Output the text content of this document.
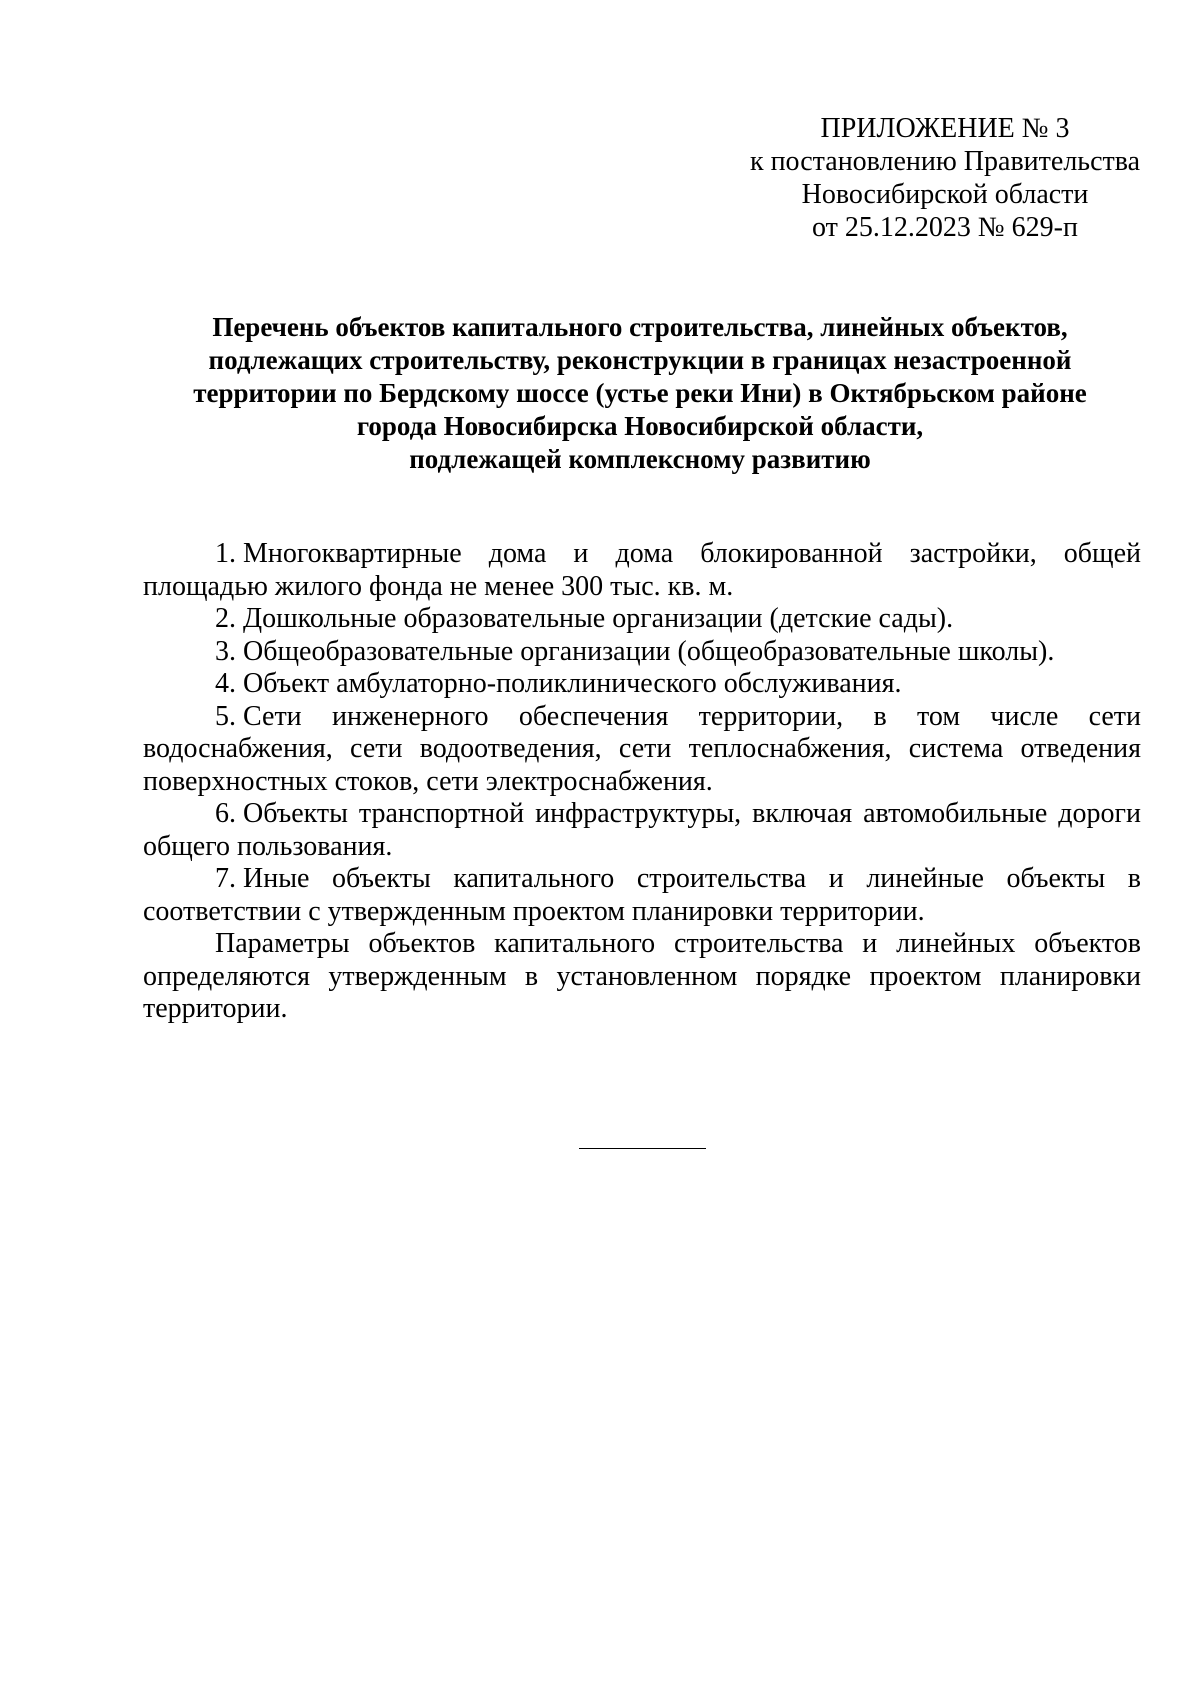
ПРИЛОЖЕНИЕ № 3
к постановлению Правительства
Новосибирской области
от 25.12.2023 № 629-п
Перечень объектов капитального строительства, линейных объектов,
подлежащих строительству, реконструкции в границах незастроенной
территории по Бердскому шоссе (устье реки Ини) в Октябрьском районе
города Новосибирска Новосибирской области,
подлежащей комплексному развитию

1. Многоквартирные дома и дома блокированной застройки, общей площадью жилого фонда не менее 300 тыс. кв. м.

2. Дошкольные образовательные организации (детские сады).

3. Общеобразовательные организации (общеобразовательные школы).

4. Объект амбулаторно-поликлинического обслуживания.

5. Сети инженерного обеспечения территории, в том числе сети водоснабжения, сети водоотведения, сети теплоснабжения, система отведения поверхностных стоков, сети электроснабжения.

6. Объекты транспортной инфраструктуры, включая автомобильные дороги общего пользования.

7. Иные объекты капитального строительства и линейные объекты в соответствии с утвержденным проектом планировки территории.

Параметры объектов капитального строительства и линейных объектов определяются утвержденным в установленном порядке проектом планировки территории.
